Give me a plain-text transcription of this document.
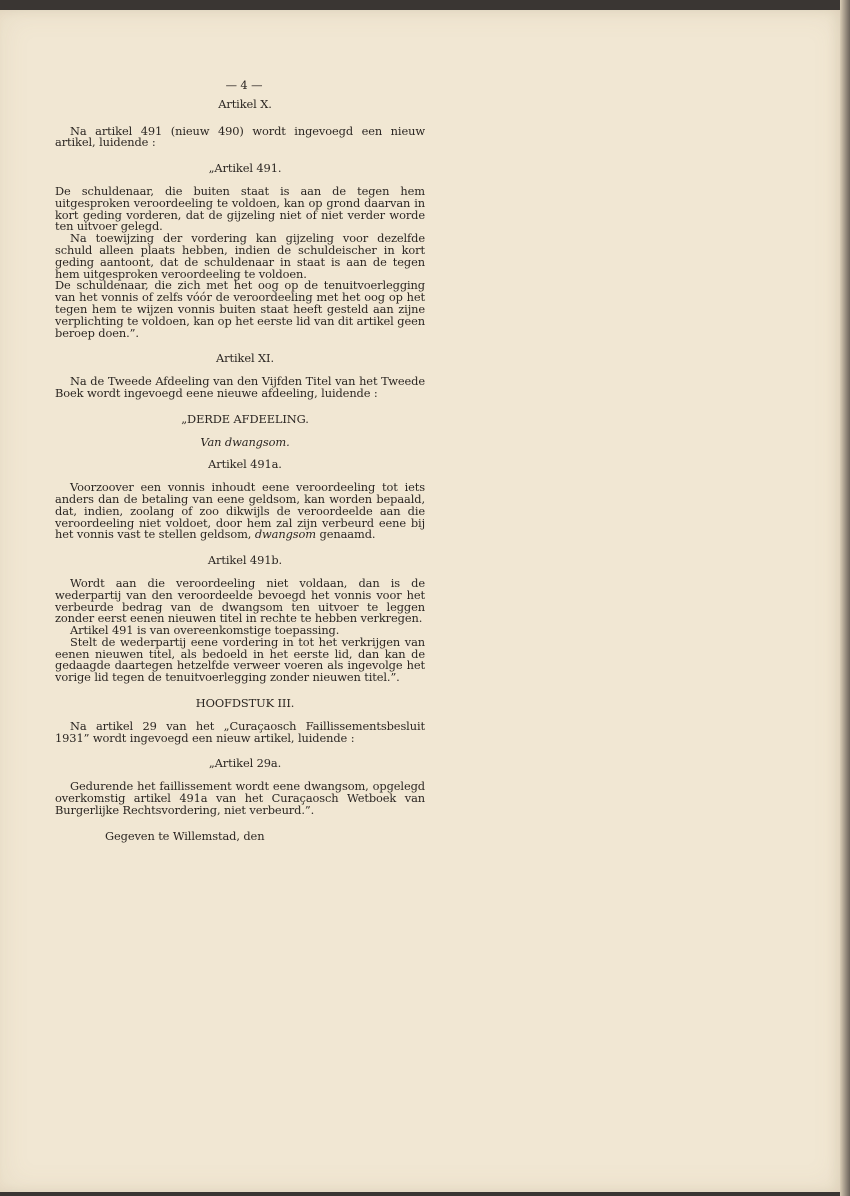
— 4 —
Artikel X.

Na artikel 491 (nieuw 490) wordt ingevoegd een nieuw artikel, luidende :

„Artikel 491.

De schuldenaar, die buiten staat is aan de tegen hem uitgesproken veroordeeling te voldoen, kan op grond daarvan in kort geding vorderen, dat de gijzeling niet of niet verder worde ten uitvoer gelegd.

Na toewijzing der vordering kan gijzeling voor dezelfde schuld alleen plaats hebben, indien de schuldeischer in kort geding aantoont, dat de schuldenaar in staat is aan de tegen hem uitgesproken veroordeeling te voldoen.

De schuldenaar, die zich met het oog op de tenuitvoerlegging van het vonnis of zelfs vóór de veroordeeling met het oog op het tegen hem te wijzen vonnis buiten staat heeft gesteld aan zijne verplichting te voldoen, kan op het eerste lid van dit artikel geen beroep doen.”.

Artikel XI.

Na de Tweede Afdeeling van den Vijfden Titel van het Tweede Boek wordt ingevoegd eene nieuwe afdeeling, luidende :

„DERDE AFDEELING.
Van dwangsom.
Artikel 491a.

Voorzoover een vonnis inhoudt eene veroordeeling tot iets anders dan de betaling van eene geldsom, kan worden bepaald, dat, indien, zoolang of zoo dikwijls de veroordeelde aan die veroordeeling niet voldoet, door hem zal zijn verbeurd eene bij het vonnis vast te stellen geldsom, dwangsom genaamd.

Artikel 491b.

Wordt aan die veroordeeling niet voldaan, dan is de wederpartij van den veroordeelde bevoegd het vonnis voor het verbeurde bedrag van de dwangsom ten uitvoer te leggen zonder eerst eenen nieuwen titel in rechte te hebben verkregen.

Artikel 491 is van overeenkomstige toepassing.

Stelt de wederpartij eene vordering in tot het verkrijgen van eenen nieuwen titel, als bedoeld in het eerste lid, dan kan de gedaagde daartegen hetzelfde verweer voeren als ingevolge het vorige lid tegen de tenuitvoerlegging zonder nieuwen titel.”.

HOOFDSTUK III.

Na artikel 29 van het „Curaçaosch Faillissementsbesluit 1931” wordt ingevoegd een nieuw artikel, luidende :

„Artikel 29a.

Gedurende het faillissement wordt eene dwangsom, opgelegd overkomstig artikel 491a van het Curaçaosch Wetboek van Burgerlijke Rechtsvordering, niet verbeurd.”.

Gegeven te Willemstad, den
